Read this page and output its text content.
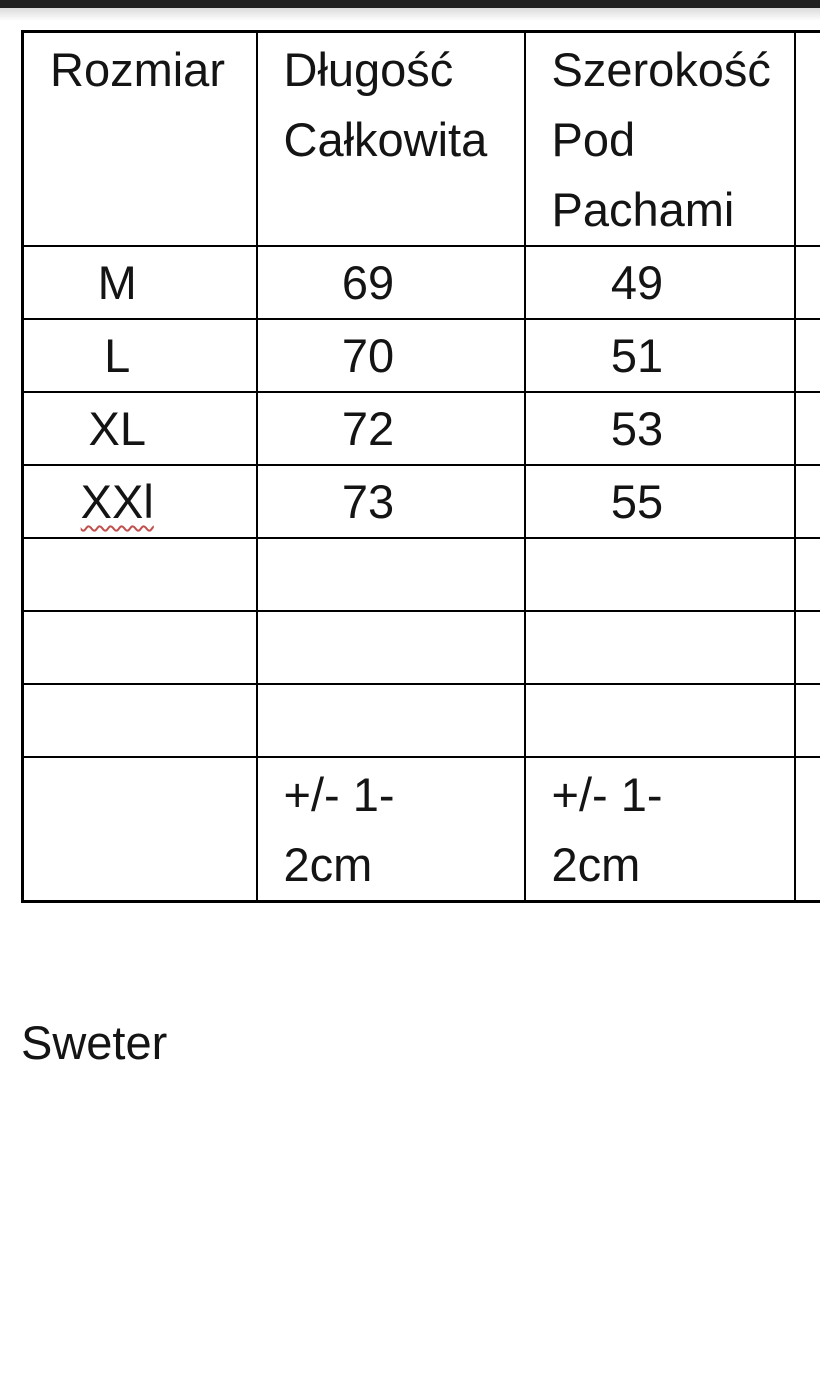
Rozmiar	Długość Całkowita	Szerokość Pod Pachami	
M	69	49	
L	70	51	
XL	72	53	
XXl	73	55	

	+/- 1-2cm	+/- 1-2cm	
Sweter
